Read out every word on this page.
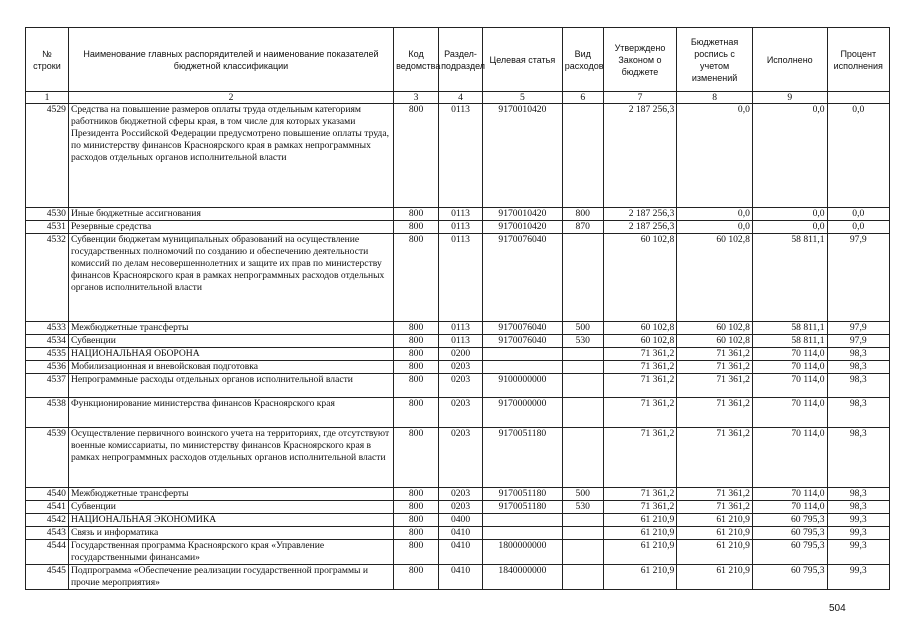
№ строки	Наименование главных распорядителей и наименование показателей бюджетной классификации	Код ведомства	Раздел-подраздел	Целевая статья	Вид расходов	Утверждено Законом о бюджете	Бюджетная роспись с учетом изменений	Исполнено	Процент исполнения
1	2	3	4	5	6	7	8	9	
4529	Средства на повышение размеров оплаты труда отдельным категориям работников бюджетной сферы края, в том числе для которых указами Президента Российской Федерации предусмотрено повышение оплаты труда, по министерству финансов Красноярского края в рамках непрограммных расходов отдельных органов исполнительной власти	800	0113	9170010420		2 187 256,3	0,0	0,0	0,0
4530	Иные бюджетные ассигнования	800	0113	9170010420	800	2 187 256,3	0,0	0,0	0,0
4531	Резервные средства	800	0113	9170010420	870	2 187 256,3	0,0	0,0	0,0
4532	Субвенции бюджетам муниципальных образований на осуществление государственных полномочий по созданию и обеспечению деятельности комиссий по делам несовершеннолетних и защите их прав по министерству финансов Красноярского края в рамках непрограммных расходов отдельных органов исполнительной власти	800	0113	9170076040		60 102,8	60 102,8	58 811,1	97,9
4533	Межбюджетные трансферты	800	0113	9170076040	500	60 102,8	60 102,8	58 811,1	97,9
4534	Субвенции	800	0113	9170076040	530	60 102,8	60 102,8	58 811,1	97,9
4535	НАЦИОНАЛЬНАЯ ОБОРОНА	800	0200			71 361,2	71 361,2	70 114,0	98,3
4536	Мобилизационная и вневойсковая подготовка	800	0203			71 361,2	71 361,2	70 114,0	98,3
4537	Непрограммные расходы отдельных органов исполнительной власти	800	0203	9100000000		71 361,2	71 361,2	70 114,0	98,3
4538	Функционирование министерства финансов Красноярского края	800	0203	9170000000		71 361,2	71 361,2	70 114,0	98,3
4539	Осуществление первичного воинского учета на территориях, где отсутствуют военные комиссариаты, по министерству финансов Красноярского края в рамках непрограммных расходов отдельных органов исполнительной власти	800	0203	9170051180		71 361,2	71 361,2	70 114,0	98,3
4540	Межбюджетные трансферты	800	0203	9170051180	500	71 361,2	71 361,2	70 114,0	98,3
4541	Субвенции	800	0203	9170051180	530	71 361,2	71 361,2	70 114,0	98,3
4542	НАЦИОНАЛЬНАЯ ЭКОНОМИКА	800	0400			61 210,9	61 210,9	60 795,3	99,3
4543	Связь и информатика	800	0410			61 210,9	61 210,9	60 795,3	99,3
4544	Государственная программа Красноярского края «Управление государственными финансами»	800	0410	1800000000		61 210,9	61 210,9	60 795,3	99,3
4545	Подпрограмма «Обеспечение реализации государственной программы и прочие мероприятия»	800	0410	1840000000		61 210,9	61 210,9	60 795,3	99,3
504
